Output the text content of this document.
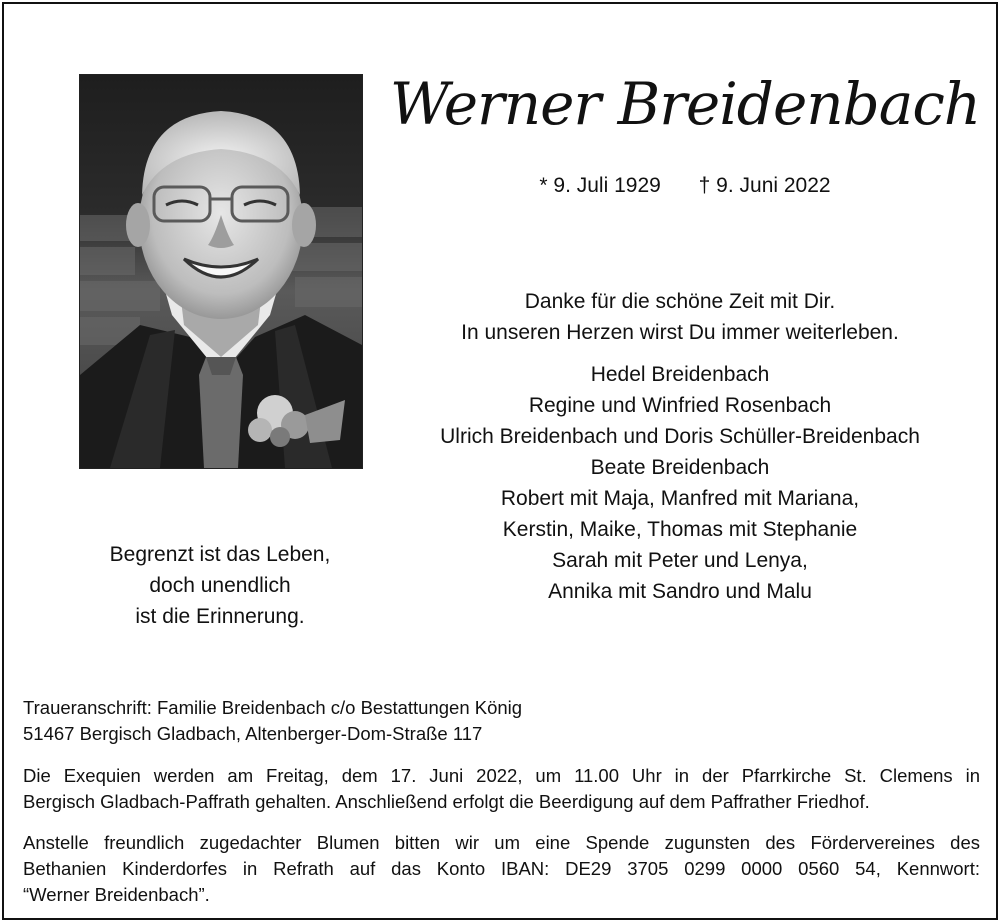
Werner Breidenbach
* 9. Juli 1929 † 9. Juni 2022
Danke für die schöne Zeit mit Dir.
In unseren Herzen wirst Du immer weiterleben.
Hedel Breidenbach
Regine und Winfried Rosenbach
Ulrich Breidenbach und Doris Schüller-Breidenbach
Beate Breidenbach
Robert mit Maja, Manfred mit Mariana,
Kerstin, Maike, Thomas mit Stephanie
Sarah mit Peter und Lenya,
Annika mit Sandro und Malu
Begrenzt ist das Leben,
doch unendlich
ist die Erinnerung.
Traueranschrift: Familie Breidenbach c/o Bestattungen König
51467 Bergisch Gladbach, Altenberger-Dom-Straße 117
Die Exequien werden am Freitag, dem 17. Juni 2022, um 11.00 Uhr in der Pfarrkirche St. Clemens in
Bergisch Gladbach-Paffrath gehalten. Anschließend erfolgt die Beerdigung auf dem Paffrather Friedhof.
Anstelle freundlich zugedachter Blumen bitten wir um eine Spende zugunsten des Fördervereines des
Bethanien Kinderdorfes in Refrath auf das Konto IBAN: DE29 3705 0299 0000 0560 54, Kennwort:
“Werner Breidenbach”.
